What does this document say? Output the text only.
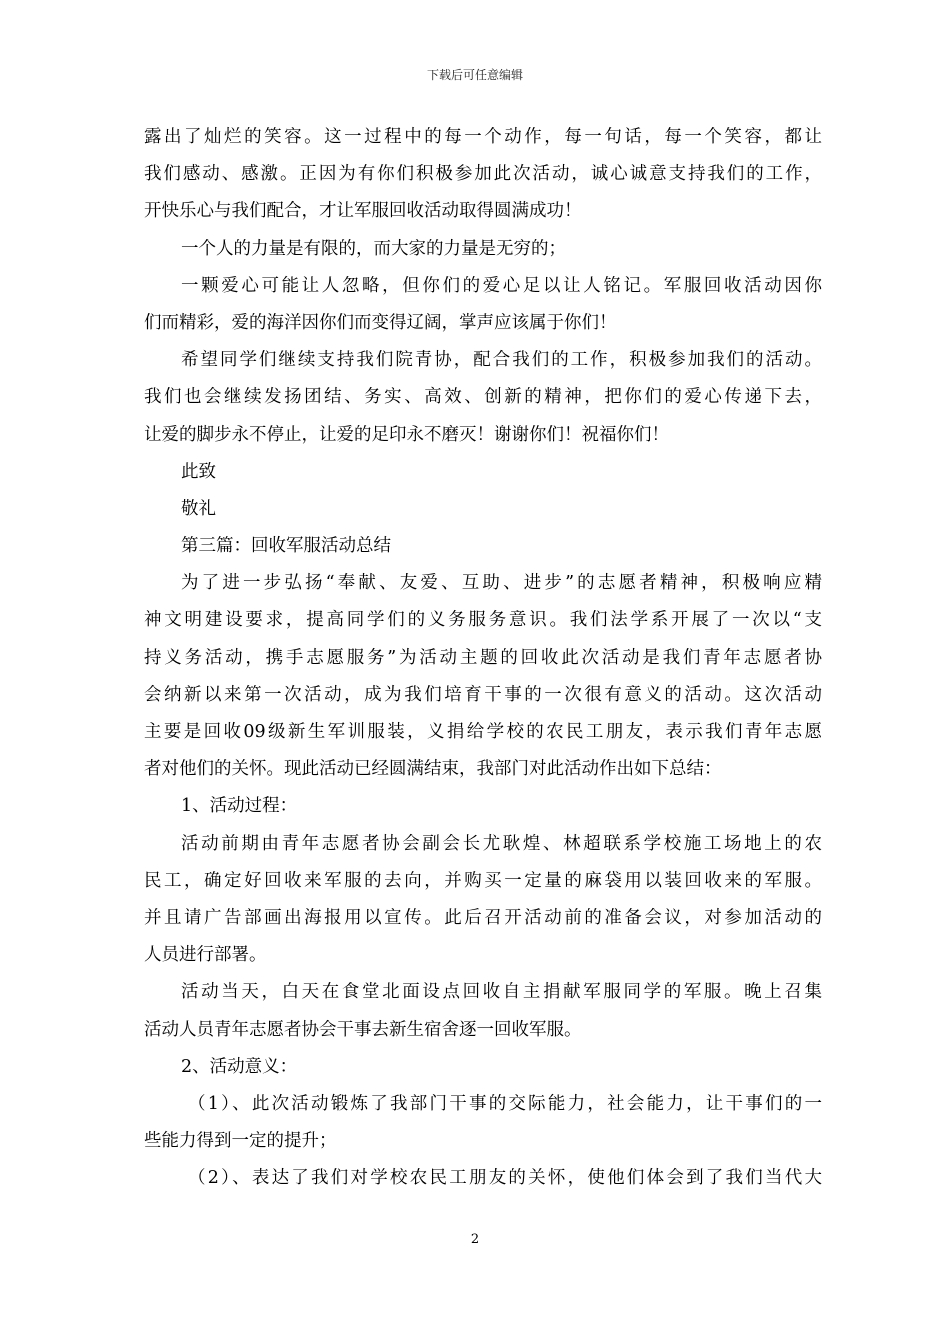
下载后可任意编辑
露出了灿烂的笑容。这一过程中的每一个动作，每一句话，每一个笑容，都让
我们感动、感激。正因为有你们积极参加此次活动，诚心诚意支持我们的工作，
开快乐心与我们配合，才让军服回收活动取得圆满成功！
一个人的力量是有限的，而大家的力量是无穷的；
一颗爱心可能让人忽略，但你们的爱心足以让人铭记。军服回收活动因你
们而精彩，爱的海洋因你们而变得辽阔，掌声应该属于你们！
希望同学们继续支持我们院青协，配合我们的工作，积极参加我们的活动。
我们也会继续发扬团结、务实、高效、创新的精神，把你们的爱心传递下去，
让爱的脚步永不停止，让爱的足印永不磨灭！谢谢你们！祝福你们！
此致
敬礼
第三篇：回收军服活动总结
为了进一步弘扬“奉献、友爱、互助、进步”的志愿者精神，积极响应精
神文明建设要求，提高同学们的义务服务意识。我们法学系开展了一次以“支
持义务活动，携手志愿服务”为活动主题的回收此次活动是我们青年志愿者协
会纳新以来第一次活动，成为我们培育干事的一次很有意义的活动。这次活动
主要是回收09级新生军训服装，义捐给学校的农民工朋友，表示我们青年志愿
者对他们的关怀。现此活动已经圆满结束，我部门对此活动作出如下总结：
1、活动过程：
活动前期由青年志愿者协会副会长尤耿煌、林超联系学校施工场地上的农
民工，确定好回收来军服的去向，并购买一定量的麻袋用以装回收来的军服。
并且请广告部画出海报用以宣传。此后召开活动前的准备会议，对参加活动的
人员进行部署。
活动当天，白天在食堂北面设点回收自主捐献军服同学的军服。晚上召集
活动人员青年志愿者协会干事去新生宿舍逐一回收军服。
2、活动意义：
（1）、此次活动锻炼了我部门干事的交际能力，社会能力，让干事们的一
些能力得到一定的提升；
（2）、表达了我们对学校农民工朋友的关怀，使他们体会到了我们当代大
2
